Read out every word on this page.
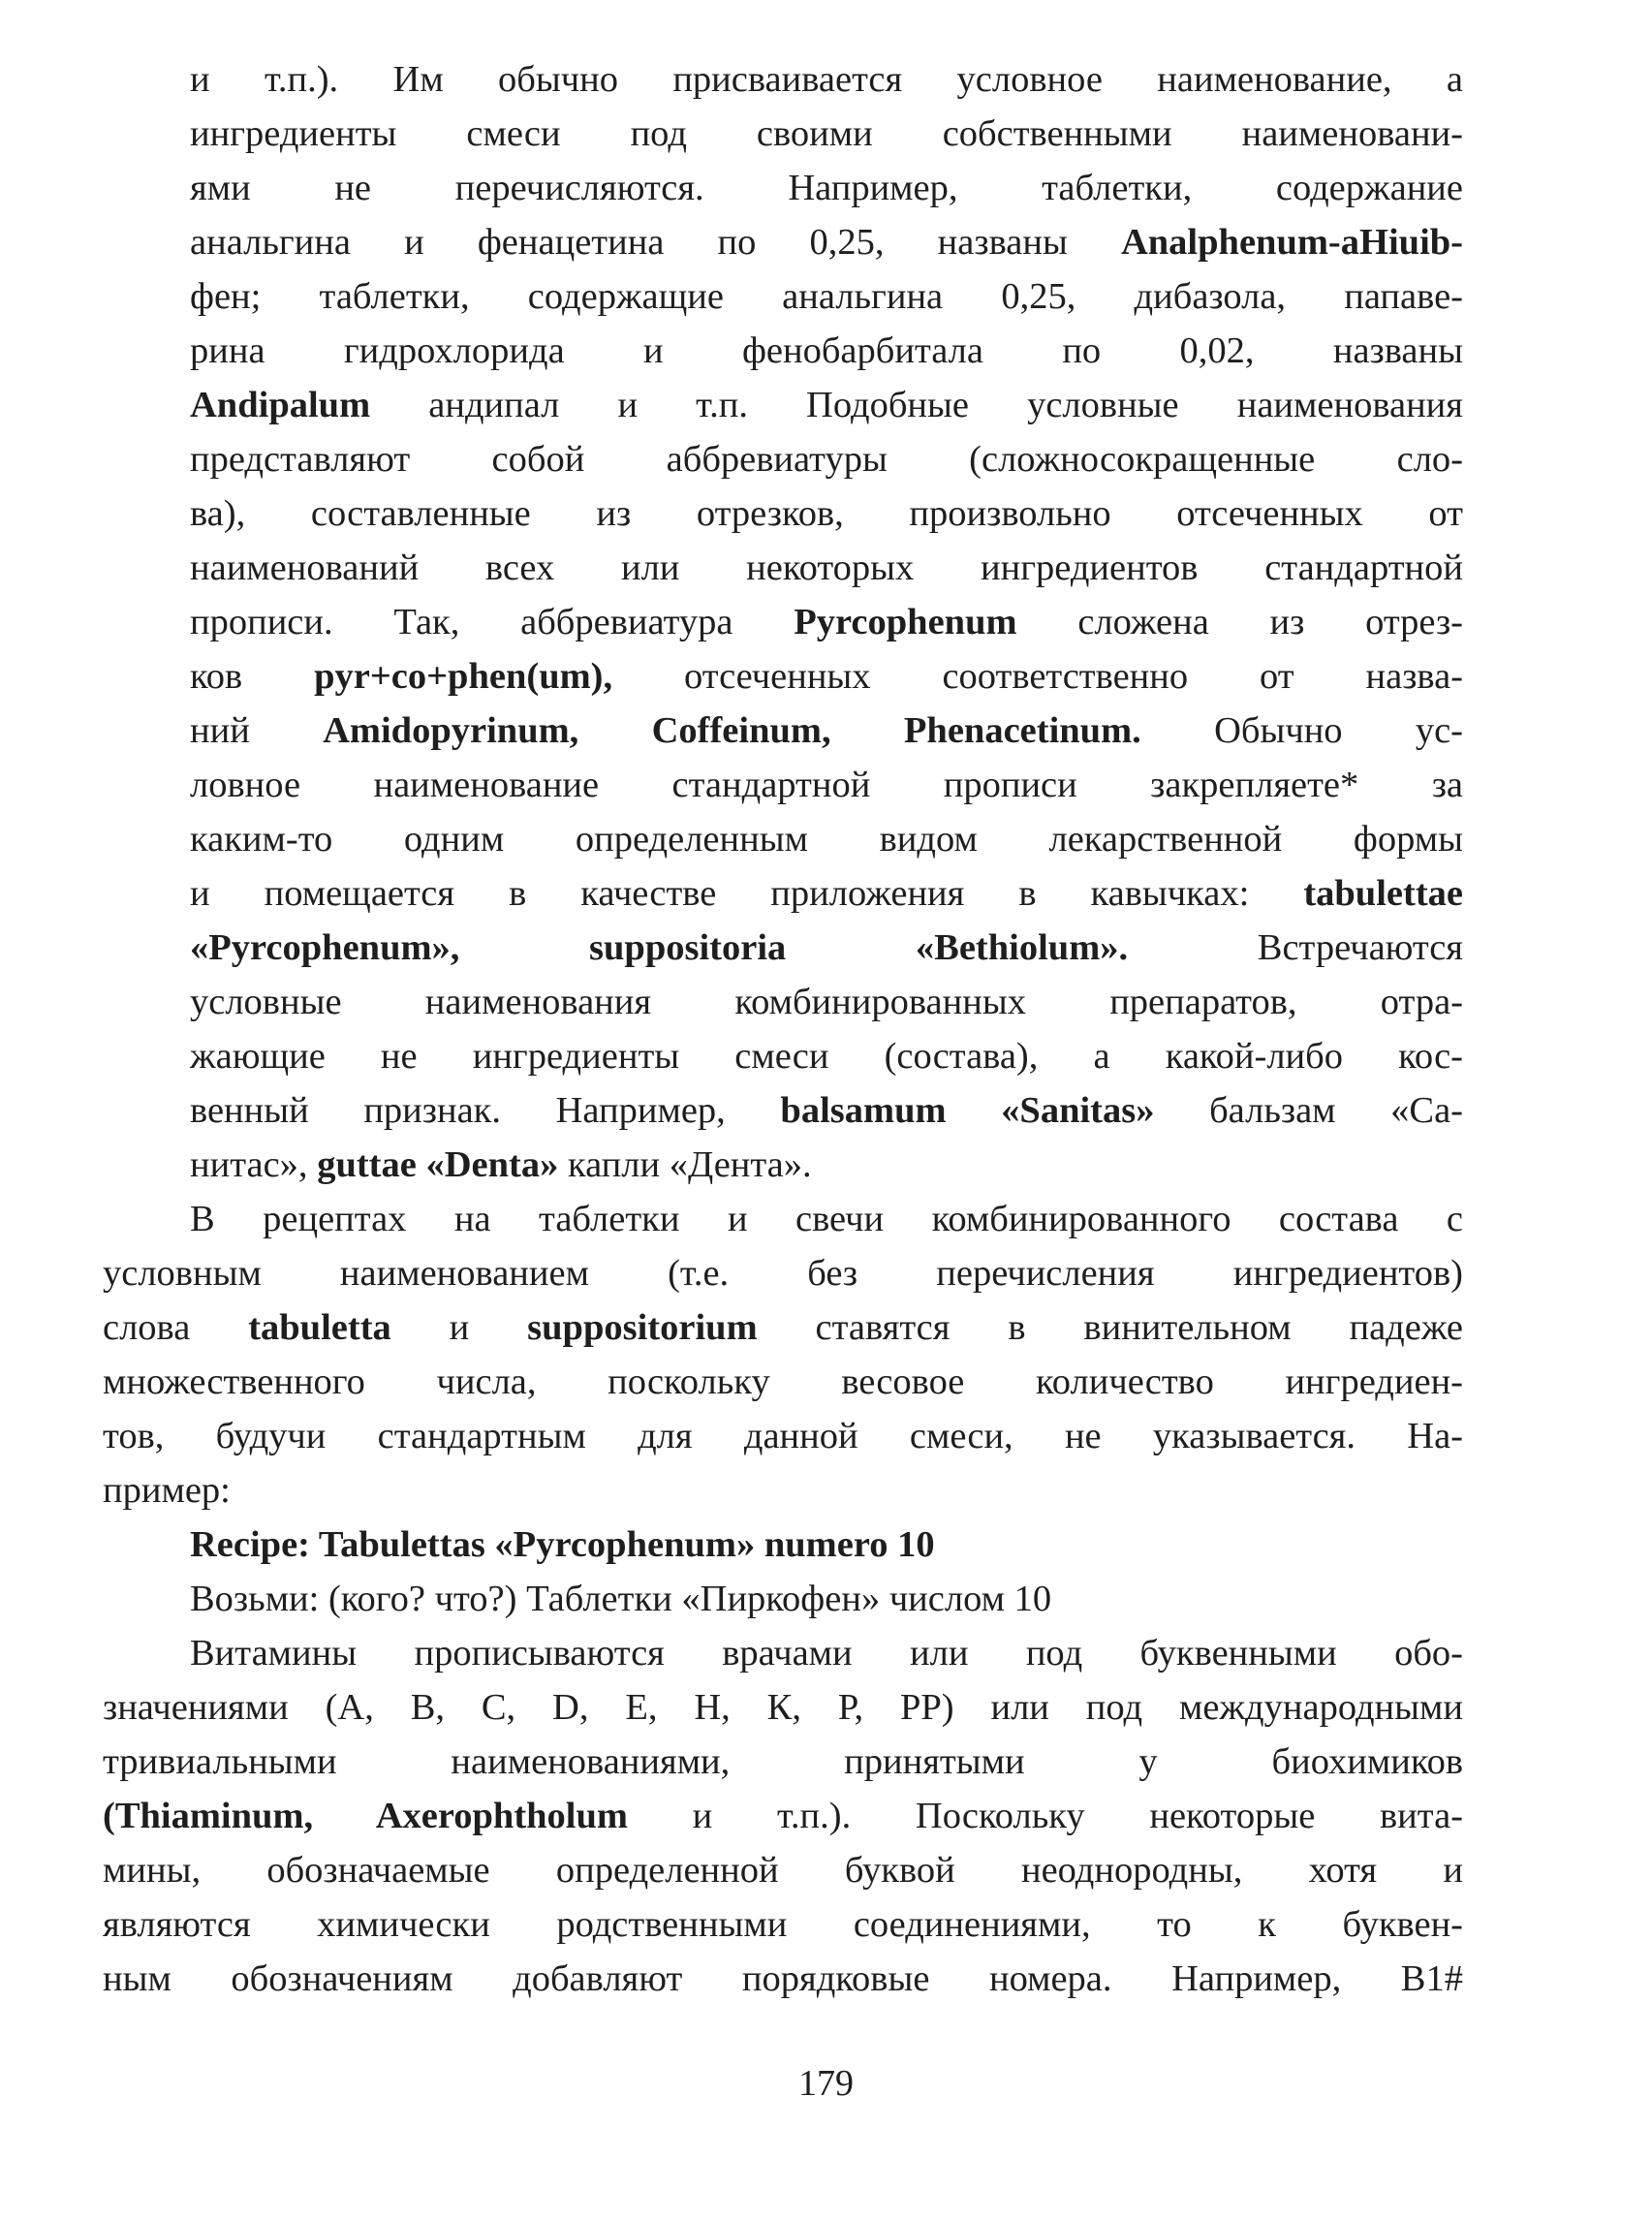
и т.п.). Им обычно присваивается условное наименование, а
ингредиенты смеси под своими собственными наименовани-
ями не перечисляются. Например, таблетки, содержание
анальгина и фенацетина по 0,25, названы Analphenum-aHiuib-
фен; таблетки, содержащие анальгина 0,25, дибазола, папаве-
рина гидрохлорида и фенобарбитала по 0,02, названы
Andipalum андипал и т.п. Подобные условные наименования
представляют собой аббревиатуры (сложносокращенные сло-
ва), составленные из отрезков, произвольно отсеченных от
наименований всех или некоторых ингредиентов стандартной
прописи. Так, аббревиатура Pyrcophenum сложена из отрез-
ков pyr+co+phen(um), отсеченных соответственно от назва-
ний Amidopyrinum, Coffeinum, Phenacetinum. Обычно ус-
ловное наименование стандартной прописи закрепляете* за
каким-то одним определенным видом лекарственной формы
и помещается в качестве приложения в кавычках: tabulettae
«Pyrcophenum», suppositoria «Bethiolum». Встречаются
условные наименования комбинированных препаратов, отра-
жающие не ингредиенты смеси (состава), а какой-либо кос-
венный признак. Например, balsamum «Sanitas» бальзам «Са-
нитас», guttae «Denta» капли «Дента».
В рецептах на таблетки и свечи комбинированного состава с
условным наименованием (т.е. без перечисления ингредиентов)
слова tabuletta и suppositorium ставятся в винительном падеже
множественного числа, поскольку весовое количество ингредиен-
тов, будучи стандартным для данной смеси, не указывается. На-
пример:
Recipe: Tabulettas «Pyrcophenum» numero 10
Возьми: (кого? что?) Таблетки «Пиркофен» числом 10
Витамины прописываются врачами или под буквенными обо-
значениями (А, В, С, D, Е, Н, К, Р, РР) или под международными
тривиальными наименованиями, принятыми у биохимиков
(Thiaminum, Axerophtholum и т.п.). Поскольку некоторые вита-
мины, обозначаемые определенной буквой неоднородны, хотя и
являются химически родственными соединениями, то к буквен-
ным обозначениям добавляют порядковые номера. Например, В1#
179
